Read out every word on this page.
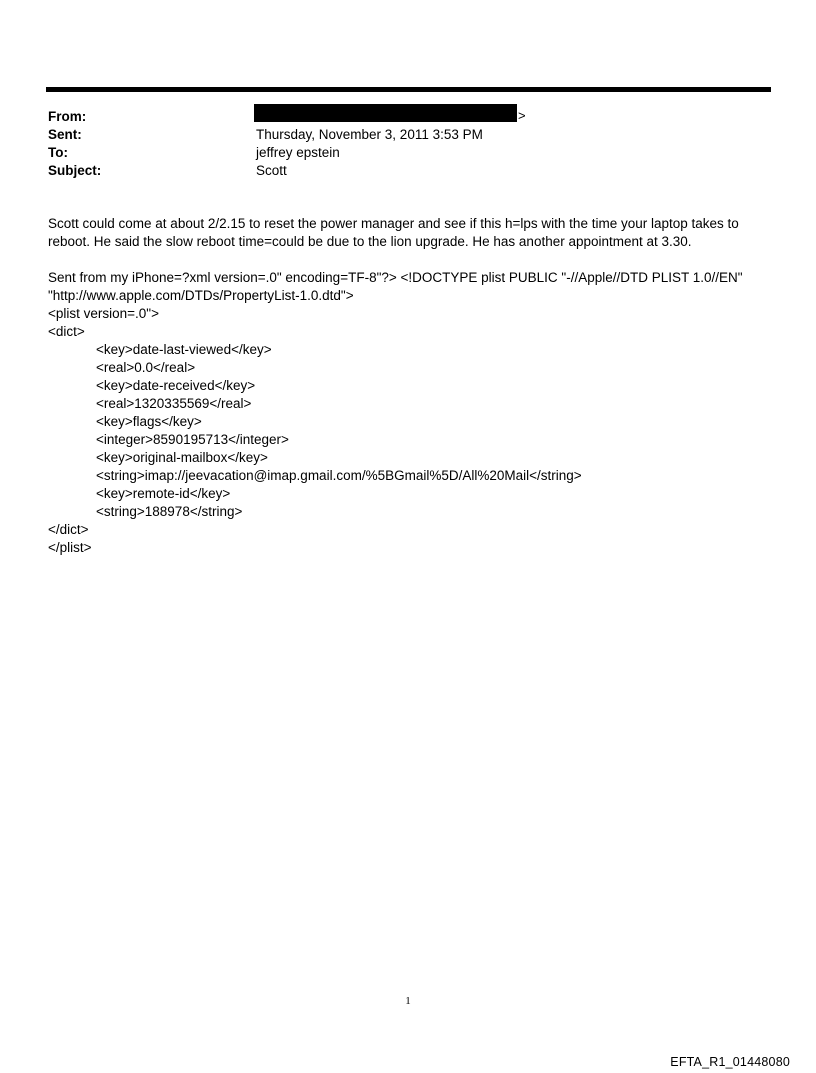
>
From:
Sent:	Thursday, November 3, 2011 3:53 PM
To:	jeffrey epstein
Subject:	Scott

Scott could come at about 2/2.15 to reset the power manager and see if this h=lps with the time your laptop takes to

reboot. He said the slow reboot time=could be due to the lion upgrade. He has another appointment at 3.30.

Sent from my iPhone=?xml version=.0" encoding=TF-8"?> <!DOCTYPE plist PUBLIC "-//Apple//DTD PLIST 1.0//EN"

"http://www.apple.com/DTDs/PropertyList-1.0.dtd">

<plist version=.0">

<dict>

<key>date-last-viewed</key>

<real>0.0</real>

<key>date-received</key>

<real>1320335569</real>

<key>flags</key>

<integer>8590195713</integer>

<key>original-mailbox</key>

<string>imap://jeevacation@imap.gmail.com/%5BGmail%5D/All%20Mail</string>

<key>remote-id</key>

<string>188978</string>

</dict>

</plist>

1
EFTA_R1_01448080
